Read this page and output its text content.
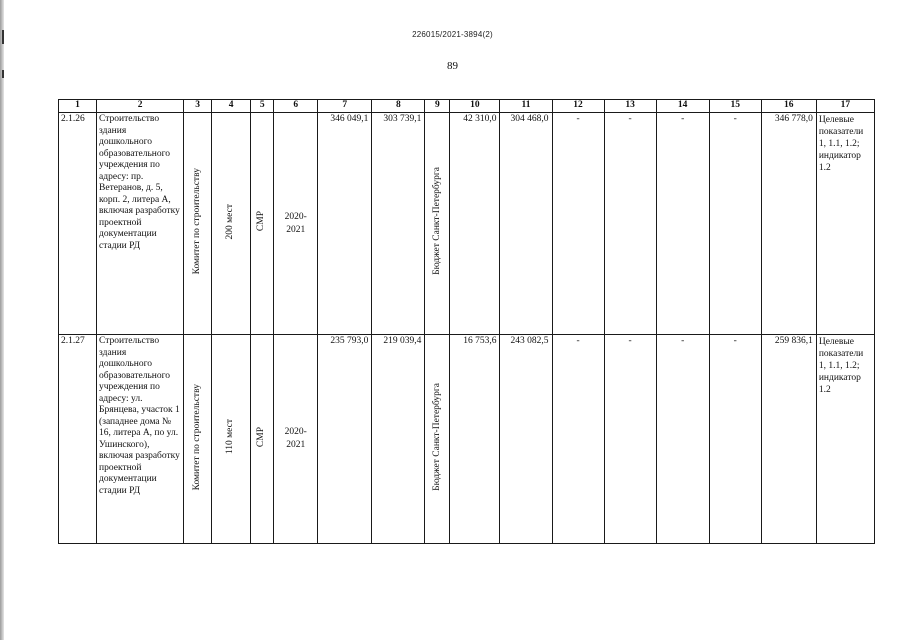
226015/2021-3894(2)
89
1	2	3	4	5	6	7	8	9	10	11	12	13	14	15	16	17
2.1.26	Строительство здания дошкольного образовательного учреждения по адресу: пр. Ветеранов, д. 5, корп. 2, литера А, включая разработку проектной документации стадии РД	Комитет по строительству	200 мест	СМР	2020-2021	346 049,1	303 739,1	Бюджет Санкт-Петербурга	42 310,0	304 468,0	-	-	-	-	346 778,0	Целевые показатели 1, 1.1, 1.2; индикатор 1.2
2.1.27	Строительство здания дошкольного образовательного учреждения по адресу: ул. Брянцева, участок 1 (западнее дома № 16, литера А, по ул. Ушинского), включая разработку проектной документации стадии РД	Комитет по строительству	110 мест	СМР	2020-2021	235 793,0	219 039,4	Бюджет Санкт-Петербурга	16 753,6	243 082,5	-	-	-	-	259 836,1	Целевые показатели 1, 1.1, 1.2; индикатор 1.2
